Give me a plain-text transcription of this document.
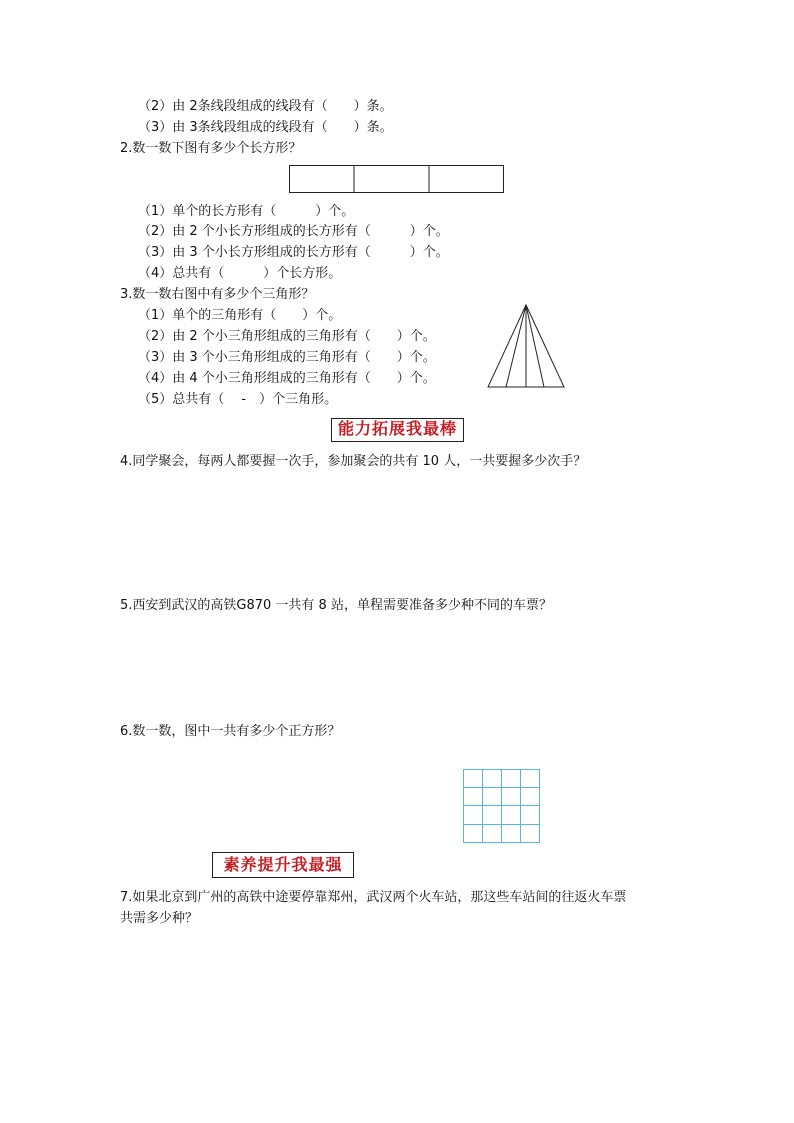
（2）由 2条线段组成的线段有（　　）条。
（3）由 3条线段组成的线段有（　　）条。
2.数一数下图有多少个长方形？
（1）单个的长方形有（　　　）个。
（2）由 2 个小长方形组成的长方形有（　　　）个。
（3）由 3 个小长方形组成的长方形有（　　　）个。
（4）总共有（　　　）个长方形。
3.数一数右图中有多少个三角形？
（1）单个的三角形有（　　）个。
（2）由 2 个小三角形组成的三角形有（　　）个。
（3）由 3 个小三角形组成的三角形有（　　）个。
（4）由 4 个小三角形组成的三角形有（　　）个。
（5）总共有（　 -　）个三角形。
能力拓展我最棒
4.同学聚会，每两人都要握一次手，参加聚会的共有 10 人，一共要握多少次手？
5.西安到武汉的高铁G870 一共有 8 站，单程需要准备多少种不同的车票？
6.数一数，图中一共有多少个正方形？
素养提升我最强
7.如果北京到广州的高铁中途要停靠郑州，武汉两个火车站，那这些车站间的往返火车票
共需多少种？
